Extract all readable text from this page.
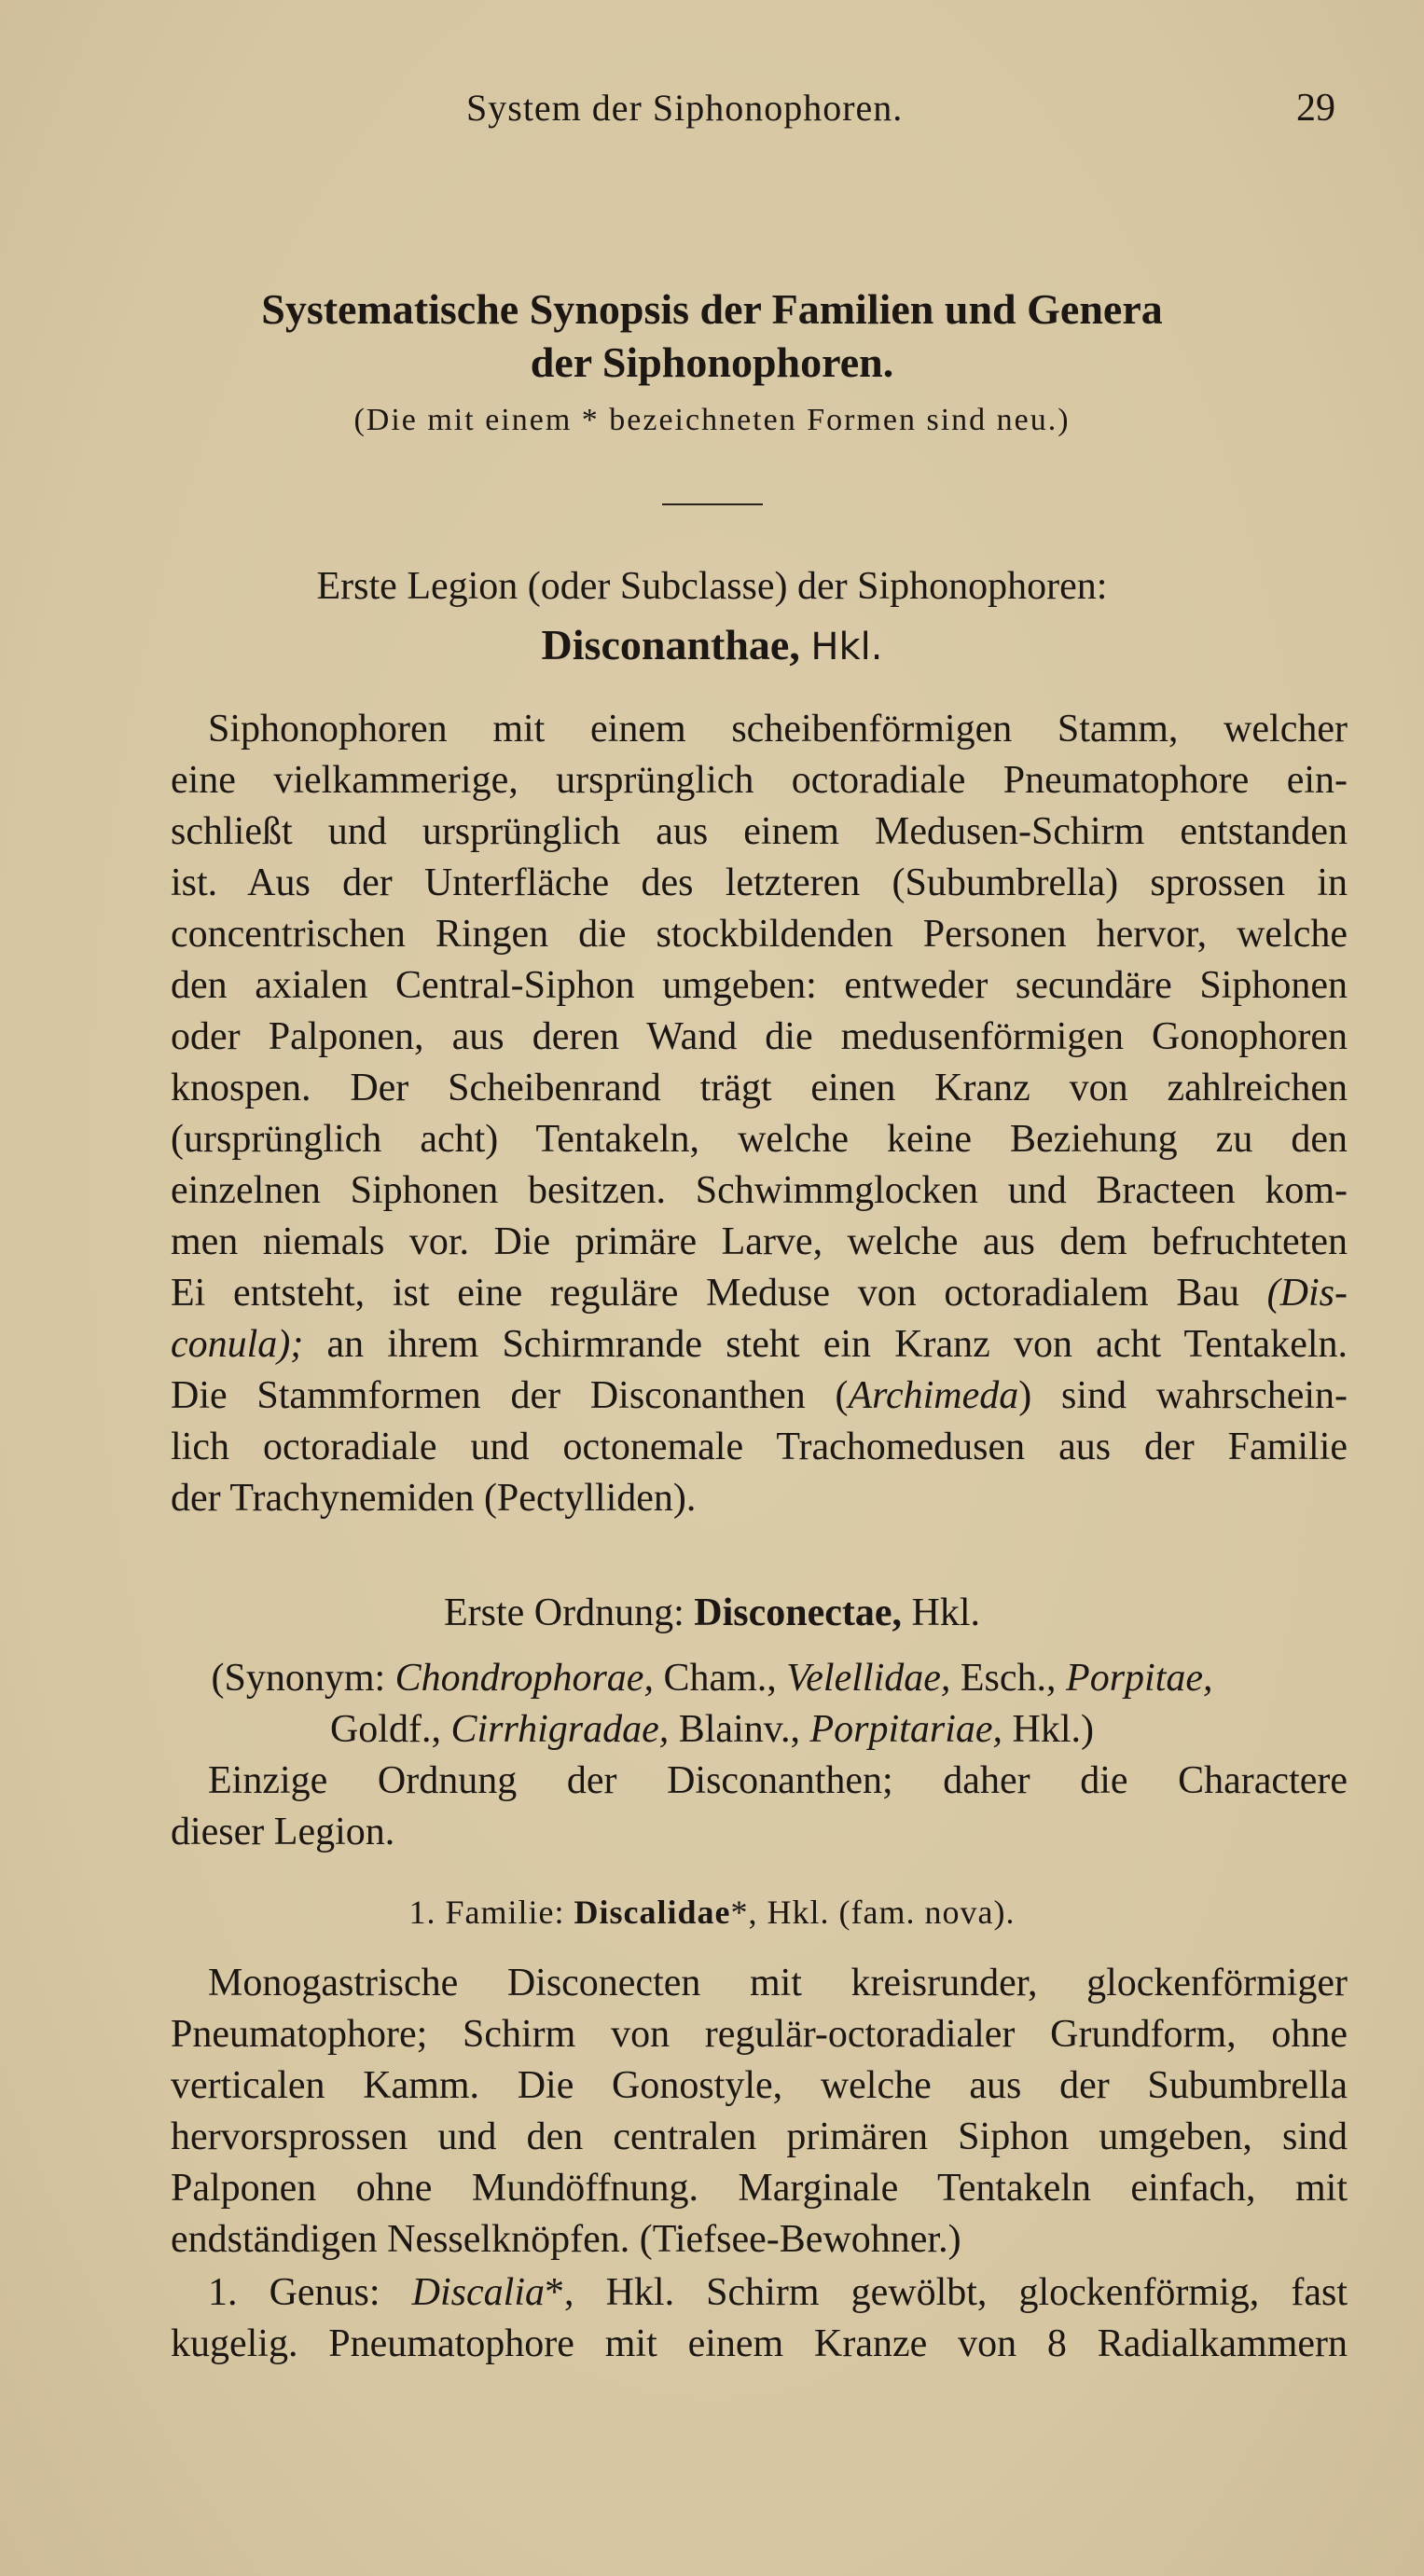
System der Siphonophoren.	29
Systematische Synopsis der Familien und Genera
der Siphonophoren.
(Die mit einem * bezeichneten Formen sind neu.)
Erste Legion (oder Subclasse) der Siphonophoren:
Disconanthae, Hkl.
Siphonophoren mit einem scheibenförmigen Stamm, welcher
eine vielkammerige, ursprünglich octoradiale Pneumatophore ein-
schließt und ursprünglich aus einem Medusen-Schirm entstanden
ist. Aus der Unterfläche des letzteren (Subumbrella) sprossen in
concentrischen Ringen die stockbildenden Personen hervor, welche
den axialen Central-Siphon umgeben: entweder secundäre Siphonen
oder Palponen, aus deren Wand die medusenförmigen Gonophoren
knospen. Der Scheibenrand trägt einen Kranz von zahlreichen
(ursprünglich acht) Tentakeln, welche keine Beziehung zu den
einzelnen Siphonen besitzen. Schwimmglocken und Bracteen kom-
men niemals vor. Die primäre Larve, welche aus dem befruchteten
Ei entsteht, ist eine reguläre Meduse von octoradialem Bau (Dis-
conula); an ihrem Schirmrande steht ein Kranz von acht Tentakeln.
Die Stammformen der Disconanthen (Archimeda) sind wahrschein-
lich octoradiale und octonemale Trachomedusen aus der Familie
der Trachynemiden (Pectylliden).
Erste Ordnung: Disconectae, Hkl.
(Synonym: Chondrophorae, Cham., Velellidae, Esch., Porpitae,
Goldf., Cirrhigradae, Blainv., Porpitariae, Hkl.)
Einzige Ordnung der Disconanthen; daher die Charactere
dieser Legion.
1. Familie: Discalidae*, Hkl. (fam. nova).
Monogastrische Disconecten mit kreisrunder, glockenförmiger
Pneumatophore; Schirm von regulär-octoradialer Grundform, ohne
verticalen Kamm. Die Gonostyle, welche aus der Subumbrella
hervorsprossen und den centralen primären Siphon umgeben, sind
Palponen ohne Mundöffnung. Marginale Tentakeln einfach, mit
endständigen Nesselknöpfen. (Tiefsee-Bewohner.)
1. Genus: Discalia*, Hkl. Schirm gewölbt, glockenförmig, fast
kugelig. Pneumatophore mit einem Kranze von 8 Radialkammern
